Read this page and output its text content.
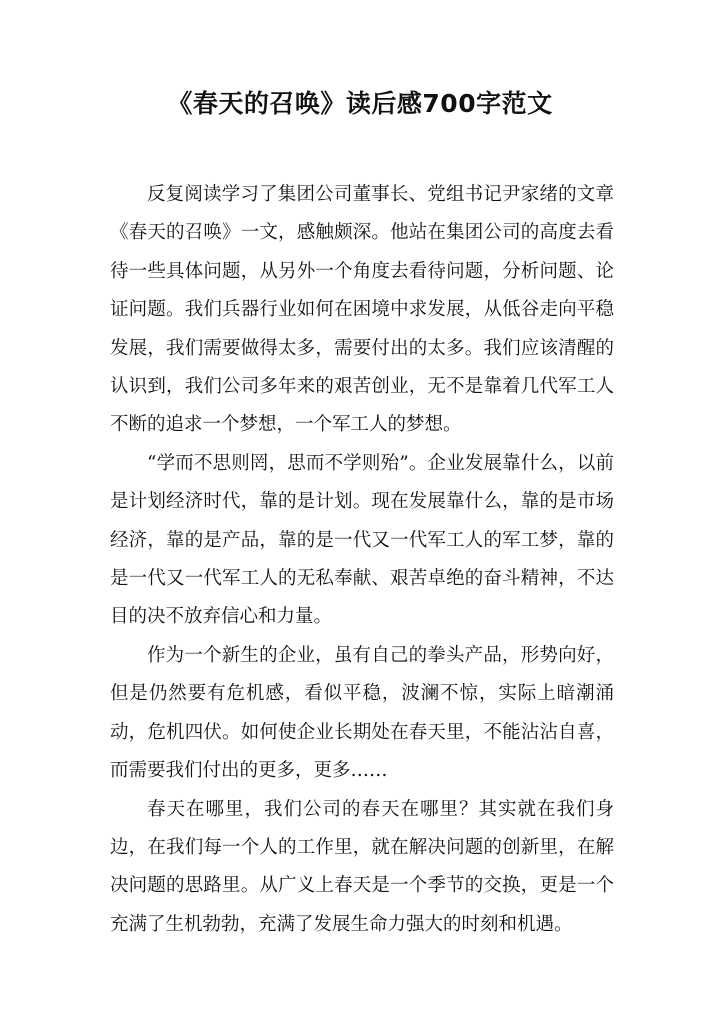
《春天的召唤》读后感700字范文

反复阅读学习了集团公司董事长、党组书记尹家绪的文章《春天的召唤》一文，感触颇深。他站在集团公司的高度去看待一些具体问题，从另外一个角度去看待问题，分析问题、论证问题。我们兵器行业如何在困境中求发展，从低谷走向平稳发展，我们需要做得太多，需要付出的太多。我们应该清醒的认识到，我们公司多年来的艰苦创业，无不是靠着几代军工人不断的追求一个梦想，一个军工人的梦想。

“学而不思则罔，思而不学则殆”。企业发展靠什么，以前是计划经济时代，靠的是计划。现在发展靠什么，靠的是市场经济，靠的是产品，靠的是一代又一代军工人的军工梦，靠的是一代又一代军工人的无私奉献、艰苦卓绝的奋斗精神，不达目的决不放弃信心和力量。

作为一个新生的企业，虽有自己的拳头产品，形势向好，但是仍然要有危机感，看似平稳，波澜不惊，实际上暗潮涌动，危机四伏。如何使企业长期处在春天里，不能沾沾自喜，而需要我们付出的更多，更多……

春天在哪里，我们公司的春天在哪里？其实就在我们身边，在我们每一个人的工作里，就在解决问题的创新里，在解决问题的思路里。从广义上春天是一个季节的交换，更是一个充满了生机勃勃，充满了发展生命力强大的时刻和机遇。
